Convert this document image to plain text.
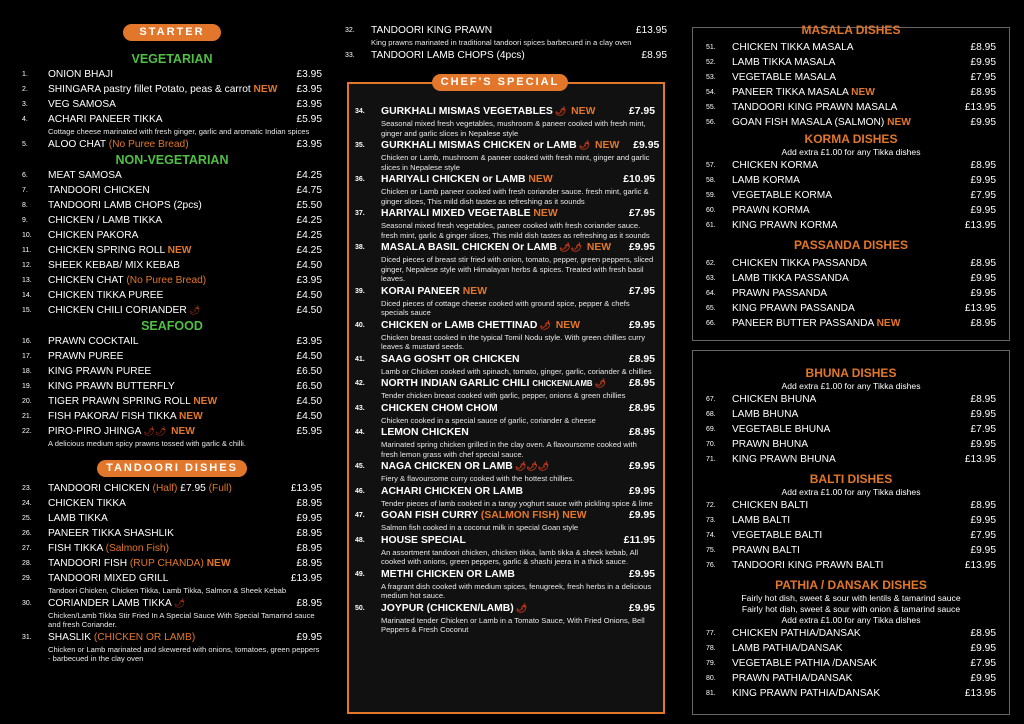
STARTER
VEGETARIAN
1.	ONION BHAJI	£3.95
2.	SHINGARA pastry fillet Potato, peas & carrot NEW	£3.95
3.	VEG SAMOSA	£3.95
4.	ACHARI PANEER TIKKA	£5.95
Cottage cheese marinated with fresh ginger, garlic and aromatic Indian spices
5.	ALOO CHAT (No Puree Bread)	£3.95
NON-VEGETARIAN
6.	MEAT SAMOSA	£4.25
7.	TANDOORI CHICKEN	£4.75
8.	TANDOORI LAMB CHOPS (2pcs)	£5.50
9.	CHICKEN / LAMB TIKKA	£4.25
10.	CHICKEN PAKORA	£4.25
11.	CHICKEN SPRING ROLL NEW	£4.25
12.	SHEEK KEBAB/ MIX KEBAB	£4.50
13.	CHICKEN CHAT (No Puree Bread)	£3.95
14.	CHICKEN TIKKA PUREE	£4.50
15.	CHICKEN CHILI CORIANDER 🌶	£4.50
SEAFOOD
16.	PRAWN COCKTAIL	£3.95
17.	PRAWN PUREE	£4.50
18.	KING PRAWN PUREE	£6.50
19.	KING PRAWN BUTTERFLY	£6.50
20.	TIGER PRAWN SPRING ROLL NEW	£4.50
21.	FISH PAKORA/ FISH TIKKA NEW	£4.50
22.	PIRO-PIRO JHINGA 🌶🌶 NEW	£5.95
A delicious medium spicy prawns tossed with garlic & chilli.
TANDOORI DISHES
23.	TANDOORI CHICKEN (Half) £7.95 (Full)	£13.95
24.	CHICKEN TIKKA	£8.95
25.	LAMB TIKKA	£9.95
26.	PANEER TIKKA SHASHLIK	£8.95
27.	FISH TIKKA (Salmon Fish)	£8.95
28.	TANDOORI FISH (RUP CHANDA) NEW	£8.95
29.	TANDOORI MIXED GRILL	£13.95
Tandoori Chicken, Chicken Tikka, Lamb Tikka, Salmon & Sheek Kebab
30.	CORIANDER LAMB TIKKA 🌶	£8.95
Chicken/Lamb Tikka Stir Fried In A Special Sauce With Special Tamarind sauce and fresh Coriander.
31.	SHASLIK (CHICKEN OR LAMB)	£9.95
Chicken or Lamb marinated and skewered with onions, tomatoes, green peppers - barbecued in the clay oven
32.	TANDOORI KING PRAWN	£13.95
King prawns marinated in traditional tandoori spices barbecued in a clay oven
33.	TANDOORI LAMB CHOPS (4pcs)	£8.95
34.	GURKHALI MISMAS VEGETABLES 🌶 NEW	£7.95
Seasonal mixed fresh vegetables, mushroom & paneer cooked with fresh mint, ginger and garlic slices in Nepalese style
35.	GURKHALI MISMAS CHICKEN or LAMB 🌶 NEW	£9.95
Chicken or Lamb, mushroom & paneer cooked with fresh mint, ginger and garlic slices in Nepalese style
36.	HARIYALI CHICKEN or LAMB NEW	£10.95
Chicken or Lamb paneer cooked with fresh coriander sauce. fresh mint, garlic & ginger slices, This mild dish tastes as refreshing as it sounds
37.	HARIYALI MIXED VEGETABLE NEW	£7.95
Seasonal mixed fresh vegetables, paneer cooked with fresh coriander sauce. fresh mint, garlic & ginger slices, This mild dish tastes as refreshing as it sounds
38.	MASALA BASIL CHICKEN Or LAMB 🌶🌶 NEW	£9.95
Diced pieces of breast stir fried with onion, tomato, pepper, green peppers, sliced ginger, Nepalese style with Himalayan herbs & spices. Treated with fresh basil leaves.
39.	KORAI PANEER NEW	£7.95
Diced pieces of cottage cheese cooked with ground spice, pepper & chefs specials sauce
40.	CHICKEN or LAMB CHETTINAD 🌶 NEW	£9.95
Chicken breast cooked in the typical Tomil Nodu style. With green chillies curry leaves & mustard seeds.
41.	SAAG GOSHT OR CHICKEN	£8.95
Lamb or Chicken cooked with spinach, tomato, ginger, garlic, coriander & chillies
42.	NORTH INDIAN GARLIC CHILI CHICKEN/LAMB 🌶	£8.95
Tender chicken breast cooked with garlic, pepper, onions & green chillies
43.	CHICKEN CHOM CHOM	£8.95
Chicken cooked in a special sauce of garlic, coriander & cheese
44.	LEMON CHICKEN	£8.95
Marinated spring chicken grilled in the clay oven. A flavoursome cooked with fresh lemon grass with chef special sauce.
45.	NAGA CHICKEN OR LAMB 🌶🌶🌶	£9.95
Fiery & flavoursome curry cooked with the hottest chillies.
46.	ACHARI CHICKEN OR LAMB	£9.95
Tender pieces of lamb cooked in a tangy yoghurt sauce with pickling spice & lime
47.	GOAN FISH CURRY (SALMON FISH) NEW	£9.95
Salmon fish cooked in a coconut milk in special Goan style
48.	HOUSE SPECIAL	£11.95
An assortment tandoori chicken, chicken tikka, lamb tikka & sheek kebab, All cooked with onions, green peppers, garlic & shashi jeera in a thick sauce.
49.	METHI CHICKEN OR LAMB	£9.95
A fragrant dish cooked with medium spices, fenugreek, fresh herbs in a delicious medium hot sauce.
50.	JOYPUR (CHICKEN/LAMB) 🌶	£9.95
Marinated tender Chicken or Lamb in a Tomato Sauce, With Fried Onions, Bell Peppers & Fresh Coconut
CHEF'S SPECIAL
MASALA DISHES
51.	CHICKEN TIKKA MASALA	£8.95
52.	LAMB TIKKA MASALA	£9.95
53.	VEGETABLE MASALA	£7.95
54.	PANEER TIKKA MASALA NEW	£8.95
55.	TANDOORI KING PRAWN MASALA	£13.95
56.	GOAN FISH MASALA (SALMON) NEW	£9.95
KORMA DISHES
Add extra £1.00 for any Tikka dishes
57.	CHICKEN KORMA	£8.95
58.	LAMB KORMA	£9.95
59.	VEGETABLE KORMA	£7.95
60.	PRAWN KORMA	£9.95
61.	KING PRAWN KORMA	£13.95
PASSANDA DISHES
62.	CHICKEN TIKKA PASSANDA	£8.95
63.	LAMB TIKKA PASSANDA	£9.95
64.	PRAWN PASSANDA	£9.95
65.	KING PRAWN PASSANDA	£13.95
66.	PANEER BUTTER PASSANDA NEW	£8.95
BHUNA DISHES
Add extra £1.00 for any Tikka dishes
67.	CHICKEN BHUNA	£8.95
68.	LAMB BHUNA	£9.95
69.	VEGETABLE BHUNA	£7.95
70.	PRAWN BHUNA	£9.95
71.	KING PRAWN BHUNA	£13.95
BALTI DISHES
Add extra £1.00 for any Tikka dishes
72.	CHICKEN BALTI	£8.95
73.	LAMB BALTI	£9.95
74.	VEGETABLE BALTI	£7.95
75.	PRAWN BALTI	£9.95
76.	TANDOORI KING PRAWN BALTI	£13.95
PATHIA / DANSAK DISHES
Fairly hot dish, sweet & sour with lentils & tamarind sauce
Fairly hot dish, sweet & sour with onion & tamarind sauce
Add extra £1.00 for any Tikka dishes
77.	CHICKEN PATHIA/DANSAK	£8.95
78.	LAMB PATHIA/DANSAK	£9.95
79.	VEGETABLE PATHIA /DANSAK	£7.95
80.	PRAWN PATHIA/DANSAK	£9.95
81.	KING PRAWN PATHIA/DANSAK	£13.95
